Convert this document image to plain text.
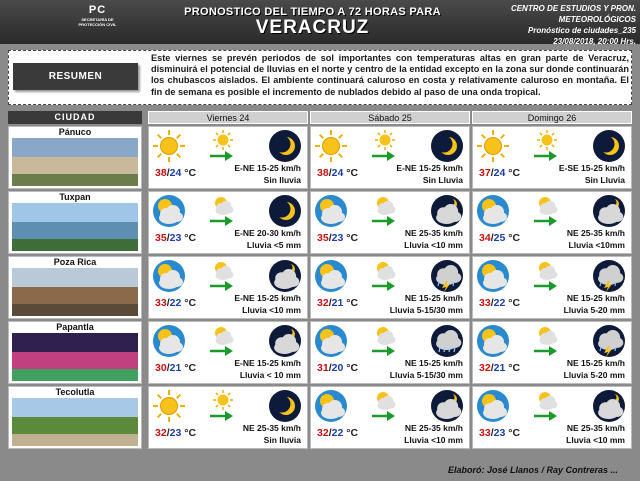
PC
SECRETARÍA DE PROTECCIÓN CIVIL
PRONOSTICO DEL TIEMPO A 72 HORAS PARA
VERACRUZ
CENTRO DE ESTUDIOS Y PRON. METEOROLÓGICOS
Pronóstico de ciudades_235
23/08/2018, 20:00 Hrs.
RESUMEN
Este viernes se prevén periodos de sol importantes con temperaturas altas en gran parte de Veracruz, disminuirá el potencial de lluvias en el norte y centro de la entidad excepto en la zona sur donde continuarán los chubascos aislados. El ambiente continuará caluroso en costa y relativamente caluroso en montaña. El fin de semana es posible el incremento de nublados debido al paso de una onda tropical.
CIUDAD	Viernes 24	Sábado 25	Domingo 26
Pánuco
38/24 °C	E-NE 15-25 km/h
Sin lluvia
38/24 °C	E-NE 15-25 km/h
Sin Lluvia
37/24 °C	E-SE 15-25 km/h
Sin Lluvia
Tuxpan
35/23 °C	E-NE 20-30 km/h
Lluvia <5 mm
35/23 °C	NE 25-35 km/h
Lluvia <10 mm
34/25 °C	NE 25-35 km/h
Lluvia <10mm
Poza Rica
33/22 °C	E-NE 15-25 km/h
Lluvia <10 mm
32/21 °C	NE 15-25 km/h
Lluvia 5-15/30 mm
33/22 °C	NE 15-25 km/h
Lluvia 5-20 mm
Papantla
30/21 °C	E-NE 15-25 km/h
Lluvia < 10 mm
31/20 °C	NE 15-25 km/h
Lluvia 5-15/30 mm
32/21 °C	NE 15-25 km/h
Lluvia 5-20 mm
Tecolutla
32/23 °C	NE 25-35 km/h
Sin lluvia
32/22 °C	NE 25-35 km/h
Lluvia <10 mm
33/23 °C	NE 25-35 km/h
Lluvia <10 mm
Elaboró: José Llanos / Ray Contreras ...
